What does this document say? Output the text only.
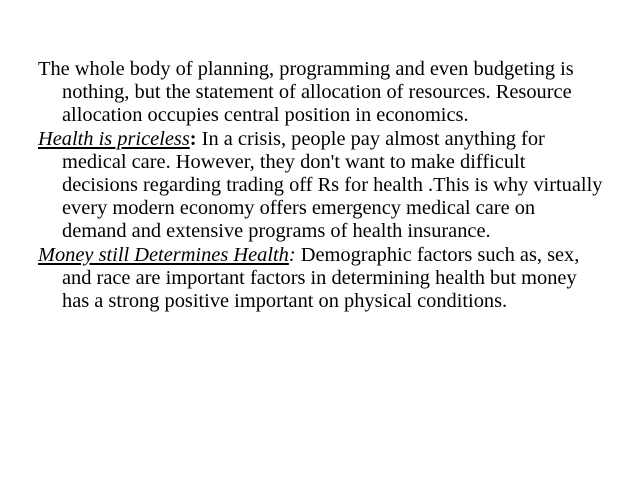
The whole body of planning, programming and even budgeting is nothing, but the statement of allocation of resources. Resource allocation occupies central position in economics.

Health is priceless: In a crisis, people pay almost anything for medical care. However, they don't want to make difficult decisions regarding trading off Rs for health .This is why virtually every modern economy offers emergency medical care on demand and extensive programs of health insurance.

Money still Determines Health: Demographic factors such as, sex, and race are important factors in determining health but money has a strong positive important on physical conditions.
